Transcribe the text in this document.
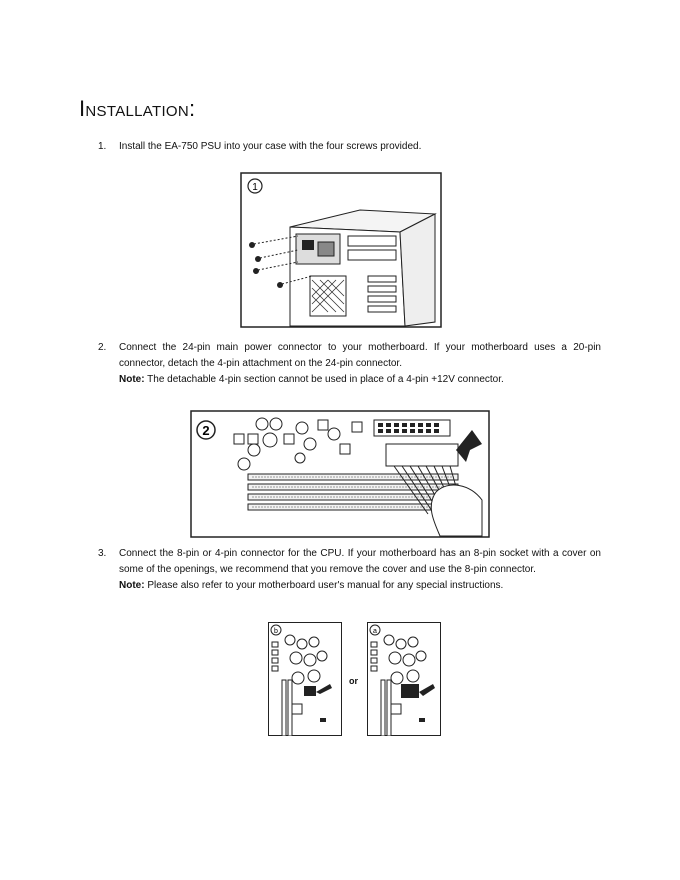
Installation:
1.	Install the EA-750 PSU into your case with the four screws provided.

1
2.	Connect the 24-pin main power connector to your motherboard. If your motherboard uses a 20-pin connector, detach the 4-pin attachment on the 24-pin connector.

Note: The detachable 4-pin section cannot be used in place of a 4-pin +12V connector.

2
3.	Connect the 8-pin or 4-pin connector for the CPU. If your motherboard has an 8-pin socket with a cover on some of the openings, we recommend that you remove the cover and use the 8-pin connector.

Note: Please also refer to your motherboard user's manual for any special instructions.

b
or
a
